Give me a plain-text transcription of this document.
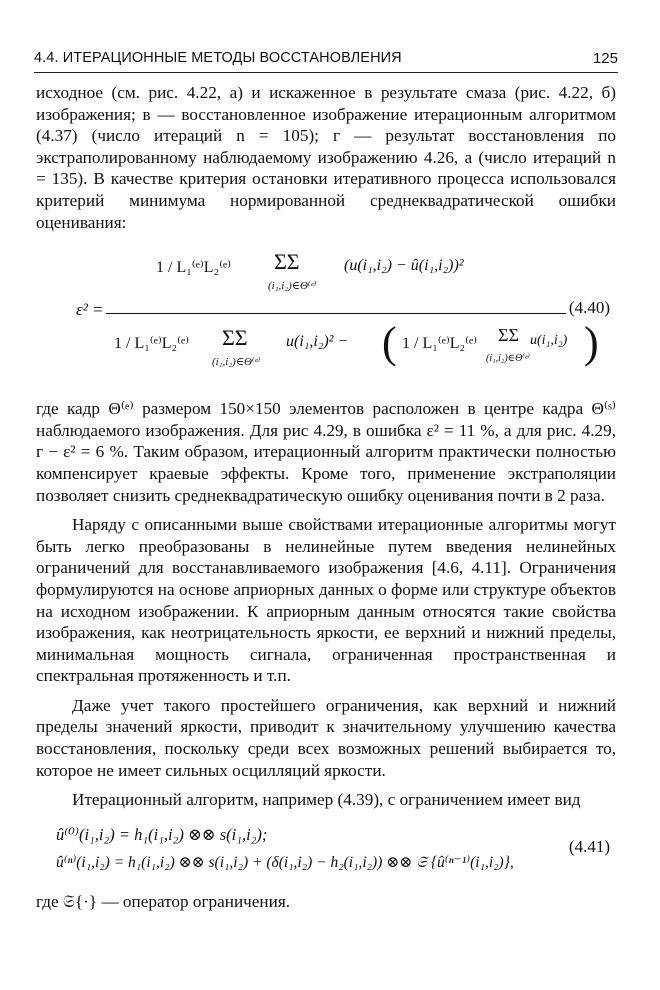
4.4. ИТЕРАЦИОННЫЕ МЕТОДЫ ВОССТАНОВЛЕНИЯ	125

исходное (см. рис. 4.22, а) и искаженное в результате смаза (рис. 4.22, б) изображения; в — восстановленное изображение итерационным алгоритмом (4.37) (число итераций n = 105); г — результат восстановления по экстраполированному наблюдаемому изображению 4.26, а (число итераций n = 135). В качестве критерия остановки итеративного процесса использовался критерий минимума нормированной среднеквадратической ошибки оценивания:

ε² =
1 / L₁⁽ᵉ⁾L₂⁽ᵉ⁾ ΣΣ
(i₁,i₂)∈Θ⁽ᵉ⁾
(u(i₁,i₂) − û(i₁,i₂))²
1 / L₁⁽ᵉ⁾L₂⁽ᵉ⁾ ΣΣ
(i₁,i₂)∈Θ⁽ᵉ⁾
u(i₁,i₂)² − ( 1 / L₁⁽ᵉ⁾L₂⁽ᵉ⁾ ΣΣ
(i₁,i₂)∈Θ⁽ᵉ⁾
u(i₁,i₂) )
(4.40)

где кадр Θ⁽ᵉ⁾ размером 150×150 элементов расположен в центре кадра Θ⁽ˢ⁾ наблюдаемого изображения. Для рис 4.29, в ошибка ε² = 11 %, а для рис. 4.29, г − ε² = 6 %. Таким образом, итерационный алгоритм практически полностью компенсирует краевые эффекты. Кроме того, применение экстраполяции позволяет снизить среднеквадратическую ошибку оценивания почти в 2 раза.

Наряду с описанными выше свойствами итерационные алгоритмы могут быть легко преобразованы в нелинейные путем введения нелинейных ограничений для восстанавливаемого изображения [4.6, 4.11]. Ограничения формулируются на основе априорных данных о форме или структуре объектов на исходном изображении. К априорным данным относятся такие свойства изображения, как неотрицательность яркости, ее верхний и нижний пределы, минимальная мощность сигнала, ограниченная пространственная и спектральная протяженность и т.п.

Даже учет такого простейшего ограничения, как верхний и нижний пределы значений яркости, приводит к значительному улучшению качества восстановления, поскольку среди всех возможных решений выбирается то, которое не имеет сильных осцилляций яркости.

Итерационный алгоритм, например (4.39), с ограничением имеет вид

û⁽⁰⁾(i₁,i₂) = h₁(i₁,i₂) ⊗⊗ s(i₁,i₂);
û⁽ⁿ⁾(i₁,i₂) = h₁(i₁,i₂) ⊗⊗ s(i₁,i₂) + (δ(i₁,i₂) − h₂(i₁,i₂)) ⊗⊗ 𝔖 {û⁽ⁿ⁻¹⁾(i₁,i₂)},
(4.41)

где 𝔖{·} — оператор ограничения.
